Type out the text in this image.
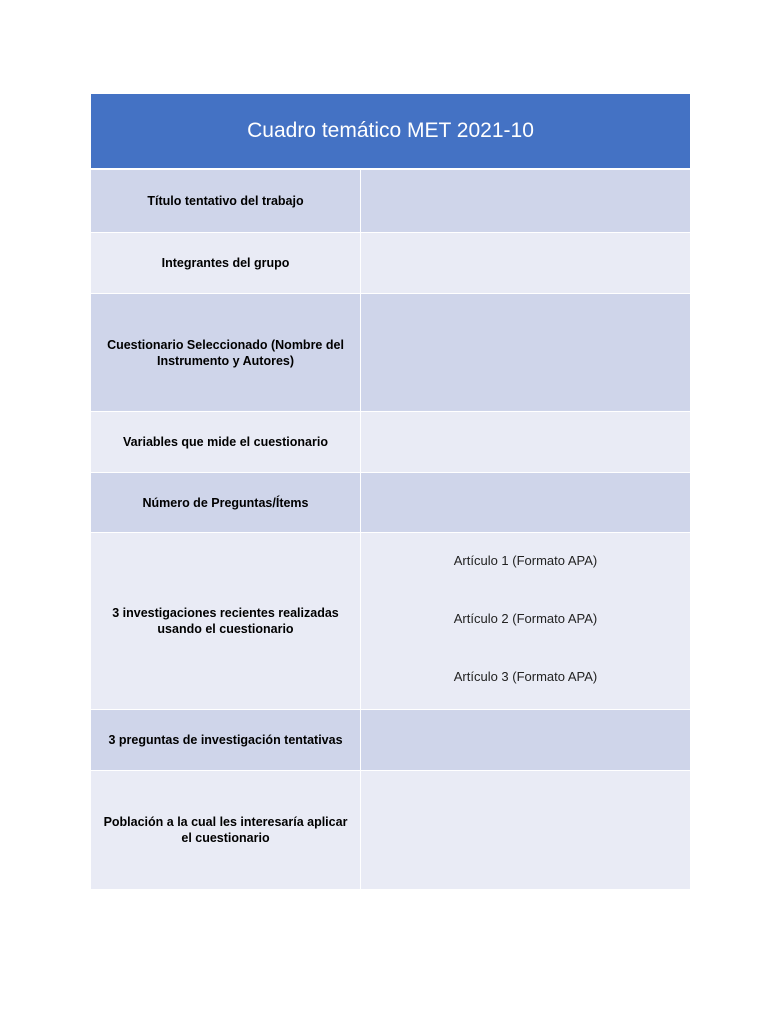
Cuadro temático MET 2021-10
Título tentativo del trabajo
Integrantes del grupo
Cuestionario Seleccionado (Nombre del Instrumento y Autores)
Variables que mide el cuestionario
Número de Preguntas/Ítems
3 investigaciones recientes realizadas usando el cuestionario
Artículo 1 (Formato APA)
Artículo 2 (Formato APA)
Artículo 3 (Formato APA)
3 preguntas de investigación tentativas
Población a la cual les interesaría aplicar el cuestionario
